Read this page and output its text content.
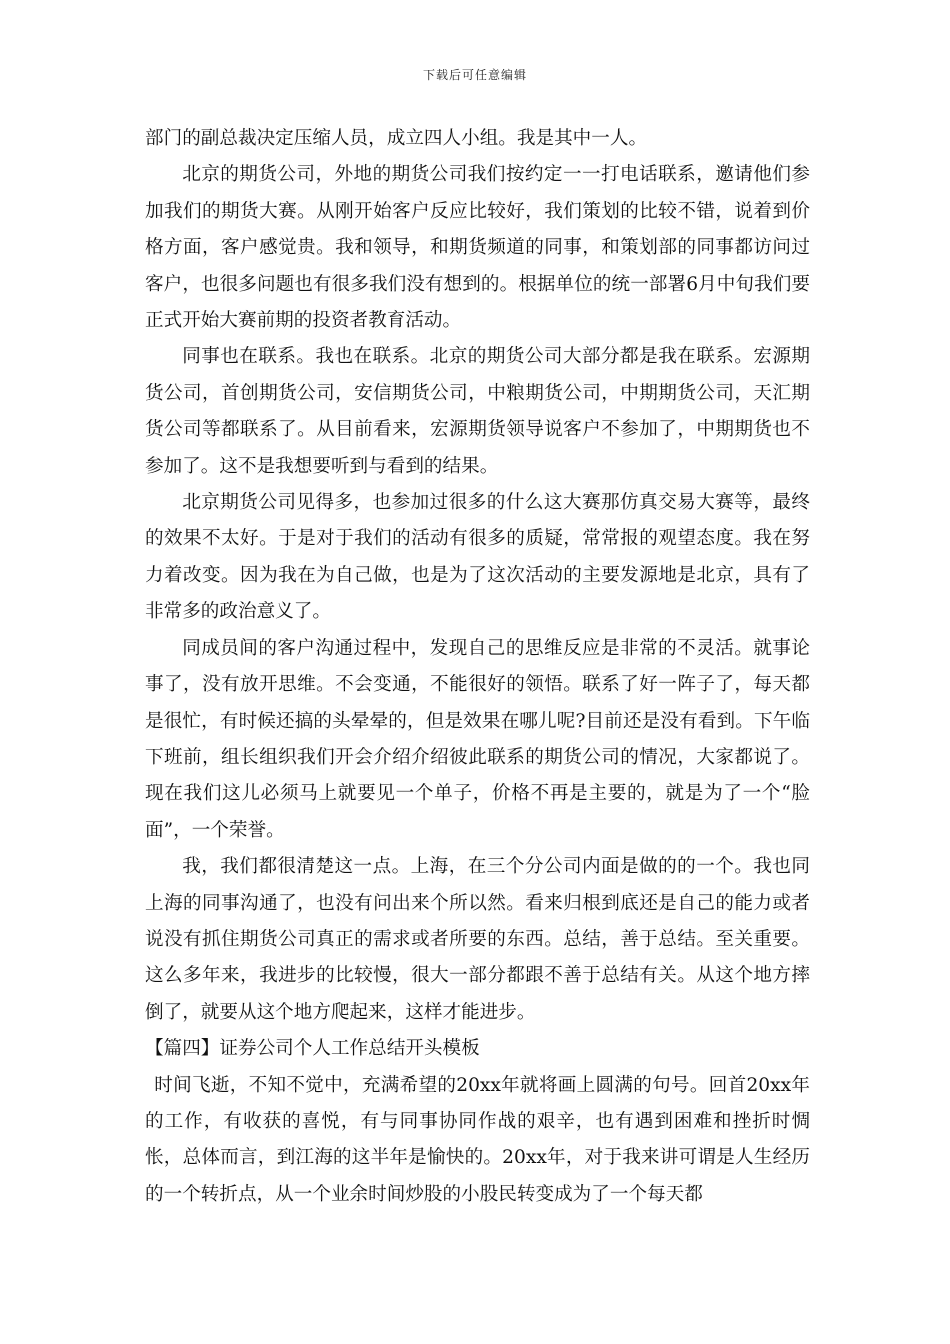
下载后可任意编辑

部门的副总裁决定压缩人员，成立四人小组。我是其中一人。

北京的期货公司，外地的期货公司我们按约定一一打电话联系，邀请他们参加我们的期货大赛。从刚开始客户反应比较好，我们策划的比较不错，说着到价格方面，客户感觉贵。我和领导，和期货频道的同事，和策划部的同事都访问过客户，也很多问题也有很多我们没有想到的。根据单位的统一部署6月中旬我们要正式开始大赛前期的投资者教育活动。

同事也在联系。我也在联系。北京的期货公司大部分都是我在联系。宏源期货公司，首创期货公司，安信期货公司，中粮期货公司，中期期货公司，天汇期货公司等都联系了。从目前看来，宏源期货领导说客户不参加了，中期期货也不参加了。这不是我想要听到与看到的结果。

北京期货公司见得多，也参加过很多的什么这大赛那仿真交易大赛等，最终的效果不太好。于是对于我们的活动有很多的质疑，常常报的观望态度。我在努力着改变。因为我在为自己做，也是为了这次活动的主要发源地是北京，具有了非常多的政治意义了。

同成员间的客户沟通过程中，发现自己的思维反应是非常的不灵活。就事论事了，没有放开思维。不会变通，不能很好的领悟。联系了好一阵子了，每天都是很忙，有时候还搞的头晕晕的，但是效果在哪儿呢?目前还是没有看到。下午临下班前，组长组织我们开会介绍介绍彼此联系的期货公司的情况，大家都说了。现在我们这儿必须马上就要见一个单子，价格不再是主要的，就是为了一个“脸面”，一个荣誉。

我，我们都很清楚这一点。上海，在三个分公司内面是做的的一个。我也同上海的同事沟通了，也没有问出来个所以然。看来归根到底还是自己的能力或者说没有抓住期货公司真正的需求或者所要的东西。总结，善于总结。至关重要。这么多年来，我进步的比较慢，很大一部分都跟不善于总结有关。从这个地方摔倒了，就要从这个地方爬起来，这样才能进步。

【篇四】证券公司个人工作总结开头模板

时间飞逝，不知不觉中，充满希望的20xx年就将画上圆满的句号。回首20xx年的工作，有收获的喜悦，有与同事协同作战的艰辛，也有遇到困难和挫折时惆怅，总体而言，到江海的这半年是愉快的。20xx年，对于我来讲可谓是人生经历的一个转折点，从一个业余时间炒股的小股民转变成为了一个每天都
